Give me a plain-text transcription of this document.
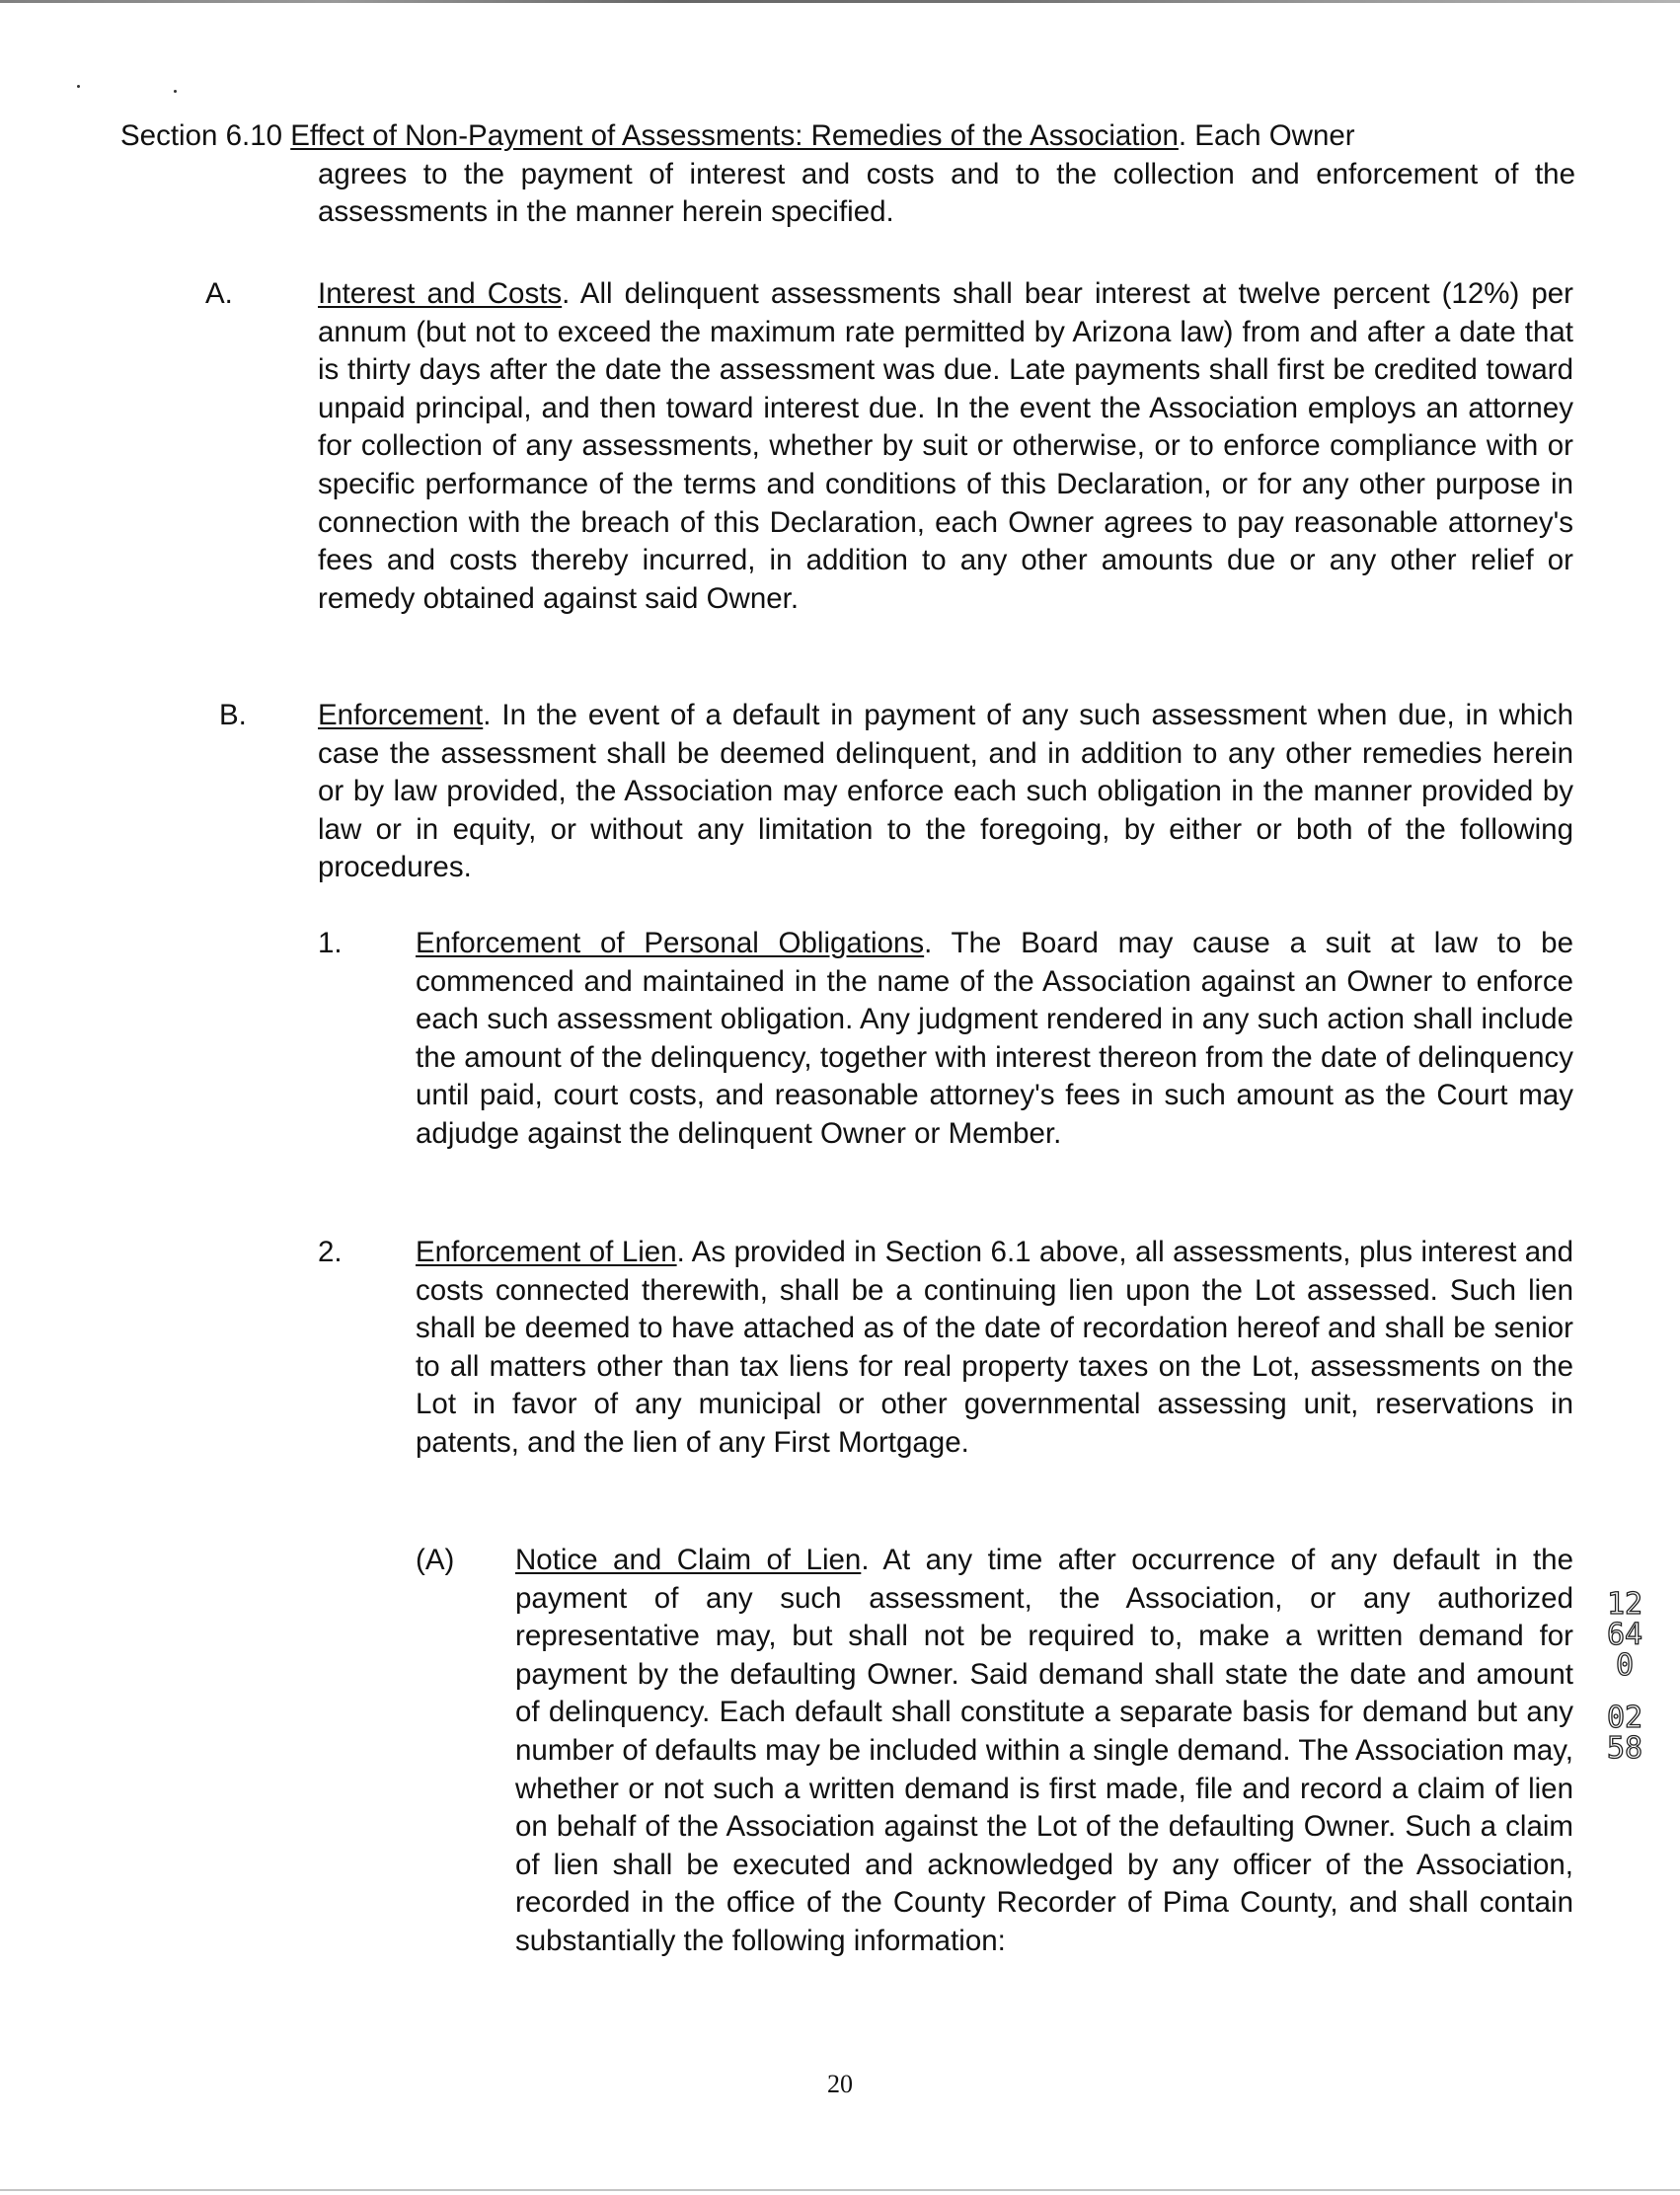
Section 6.10 Effect of Non-Payment of Assessments: Remedies of the Association. Each Owner
agrees to the payment of interest and costs and to the collection and enforcement of the assessments in the manner herein specified.

A.	Interest and Costs. All delinquent assessments shall bear interest at twelve percent (12%) per annum (but not to exceed the maximum rate permitted by Arizona law) from and after a date that is thirty days after the date the assessment was due. Late payments shall first be credited toward unpaid principal, and then toward interest due. In the event the Association employs an attorney for collection of any assessments, whether by suit or otherwise, or to enforce compliance with or specific performance of the terms and conditions of this Declaration, or for any other purpose in connection with the breach of this Declaration, each Owner agrees to pay reasonable attorney's fees and costs thereby incurred, in addition to any other amounts due or any other relief or remedy obtained against said Owner.

B. Enforcement. In the event of a default in payment of any such assessment when due, in which case the assessment shall be deemed delinquent, and in addition to any other remedies herein or by law provided, the Association may enforce each such obligation in the manner provided by law or in equity, or without any limitation to the foregoing, by either or both of the following procedures.

1.	Enforcement of Personal Obligations. The Board may cause a suit at law to be commenced and maintained in the name of the Association against an Owner to enforce each such assessment obligation. Any judgment rendered in any such action shall include the amount of the delinquency, together with interest thereon from the date of delinquency until paid, court costs, and reasonable attorney's fees in such amount as the Court may adjudge against the delinquent Owner or Member.

2.	Enforcement of Lien. As provided in Section 6.1 above, all assessments, plus interest and costs connected therewith, shall be a continuing lien upon the Lot assessed. Such lien shall be deemed to have attached as of the date of recordation hereof and shall be senior to all matters other than tax liens for real property taxes on the Lot, assessments on the Lot in favor of any municipal or other governmental assessing unit, reservations in patents, and the lien of any First Mortgage.

(A) Notice and Claim of Lien. At any time after occurrence of any default in the payment of any such assessment, the Association, or any authorized representative may, but shall not be required to, make a written demand for payment by the defaulting Owner. Said demand shall state the date and amount of delinquency. Each default shall constitute a separate basis for demand but any number of defaults may be included within a single demand. The Association may, whether or not such a written demand is first made, file and record a claim of lien on behalf of the Association against the Lot of the defaulting Owner. Such a claim of lien shall be executed and acknowledged by any officer of the Association, recorded in the office of the County Recorder of Pima County, and shall contain substantially the following information:

12640
0258
20
